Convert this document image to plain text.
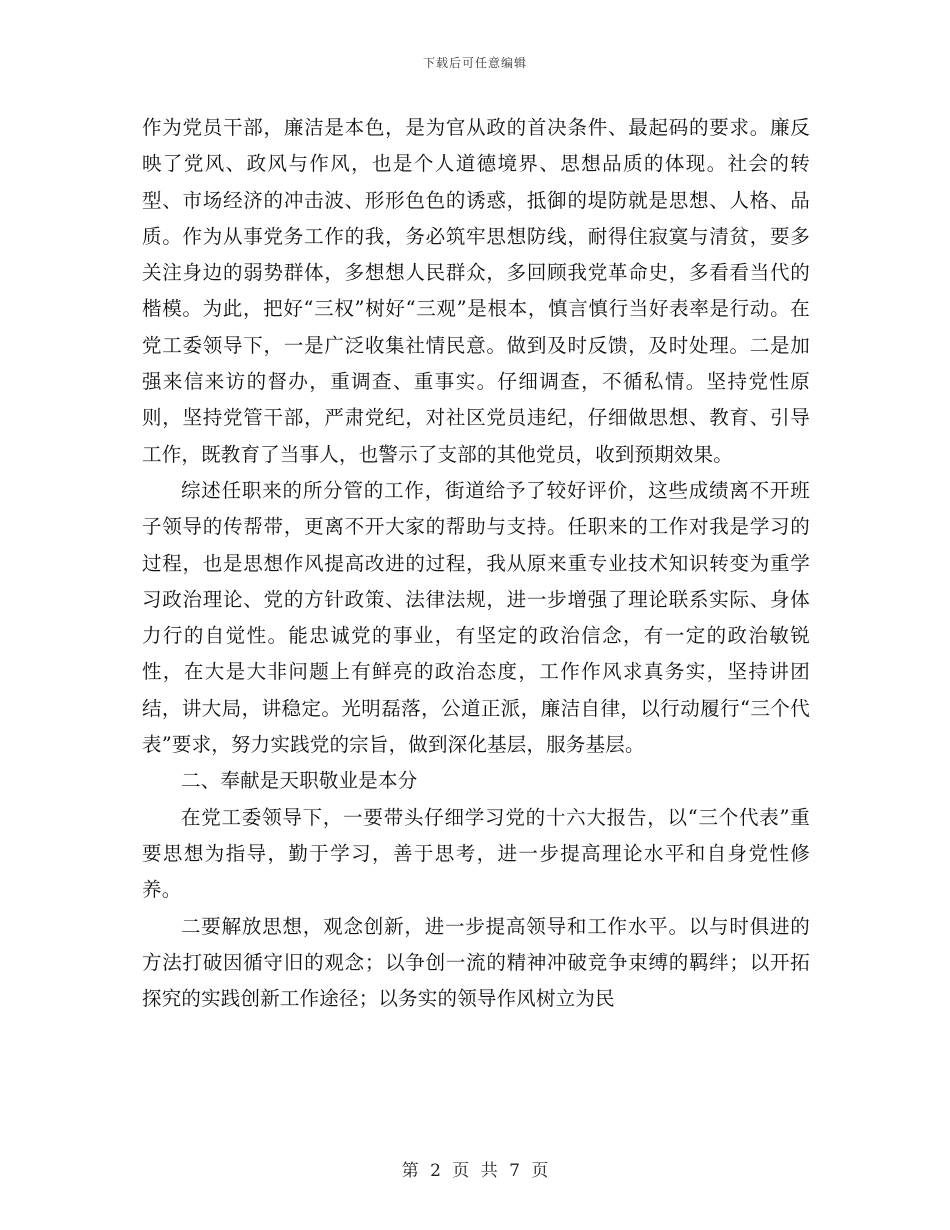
下载后可任意编辑

作为党员干部，廉洁是本色，是为官从政的首决条件、最起码的要求。廉反映了党风、政风与作风，也是个人道德境界、思想品质的体现。社会的转型、市场经济的冲击波、形形色色的诱惑，抵御的堤防就是思想、人格、品质。作为从事党务工作的我，务必筑牢思想防线，耐得住寂寞与清贫，要多关注身边的弱势群体，多想想人民群众，多回顾我党革命史，多看看当代的楷模。为此，把好“三权”树好“三观”是根本，慎言慎行当好表率是行动。在党工委领导下，一是广泛收集社情民意。做到及时反馈，及时处理。二是加强来信来访的督办，重调查、重事实。仔细调查，不循私情。坚持党性原则，坚持党管干部，严肃党纪，对社区党员违纪，仔细做思想、教育、引导工作，既教育了当事人，也警示了支部的其他党员，收到预期效果。

综述任职来的所分管的工作，街道给予了较好评价，这些成绩离不开班子领导的传帮带，更离不开大家的帮助与支持。任职来的工作对我是学习的过程，也是思想作风提高改进的过程，我从原来重专业技术知识转变为重学习政治理论、党的方针政策、法律法规，进一步增强了理论联系实际、身体力行的自觉性。能忠诚党的事业，有坚定的政治信念，有一定的政治敏锐性，在大是大非问题上有鲜亮的政治态度，工作作风求真务实，坚持讲团结，讲大局，讲稳定。光明磊落，公道正派，廉洁自律，以行动履行“三个代表”要求，努力实践党的宗旨，做到深化基层，服务基层。

二、奉献是天职敬业是本分

在党工委领导下，一要带头仔细学习党的十六大报告，以“三个代表”重要思想为指导，勤于学习，善于思考，进一步提高理论水平和自身党性修养。

二要解放思想，观念创新，进一步提高领导和工作水平。以与时俱进的方法打破因循守旧的观念；以争创一流的精神冲破竞争束缚的羁绊；以开拓探究的实践创新工作途径；以务实的领导作风树立为民

第 2 页 共 7 页
